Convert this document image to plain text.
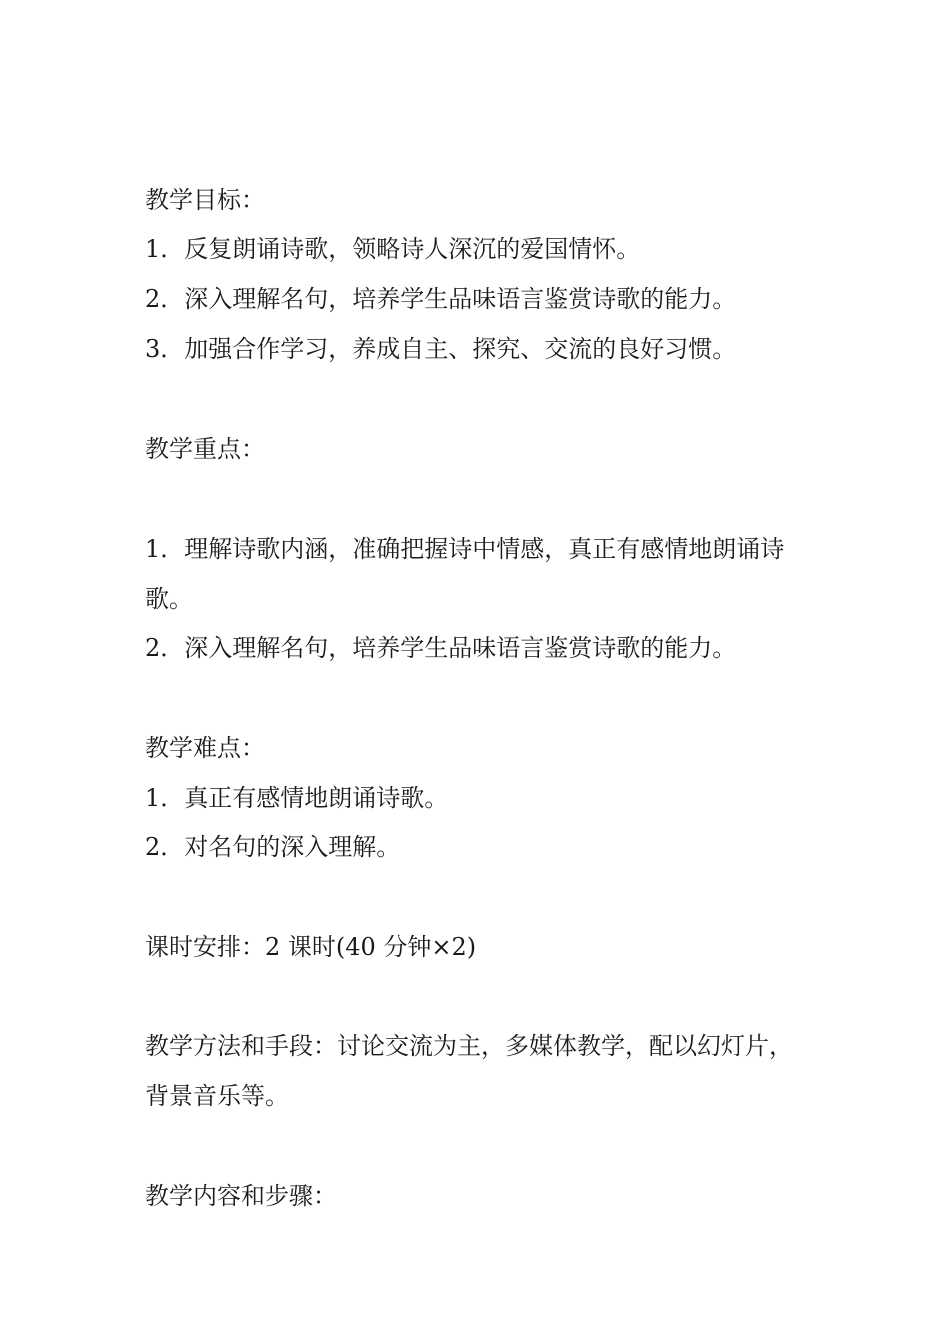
教学目标：

1．反复朗诵诗歌，领略诗人深沉的爱国情怀。

2．深入理解名句，培养学生品味语言鉴赏诗歌的能力。

3．加强合作学习，养成自主、探究、交流的良好习惯。

教学重点：

1．理解诗歌内涵，准确把握诗中情感，真正有感情地朗诵诗

歌。

2．深入理解名句，培养学生品味语言鉴赏诗歌的能力。

教学难点：

1．真正有感情地朗诵诗歌。

2．对名句的深入理解。

课时安排：2 课时(40 分钟×2)

教学方法和手段：讨论交流为主，多媒体教学，配以幻灯片，

背景音乐等。

教学内容和步骤：
